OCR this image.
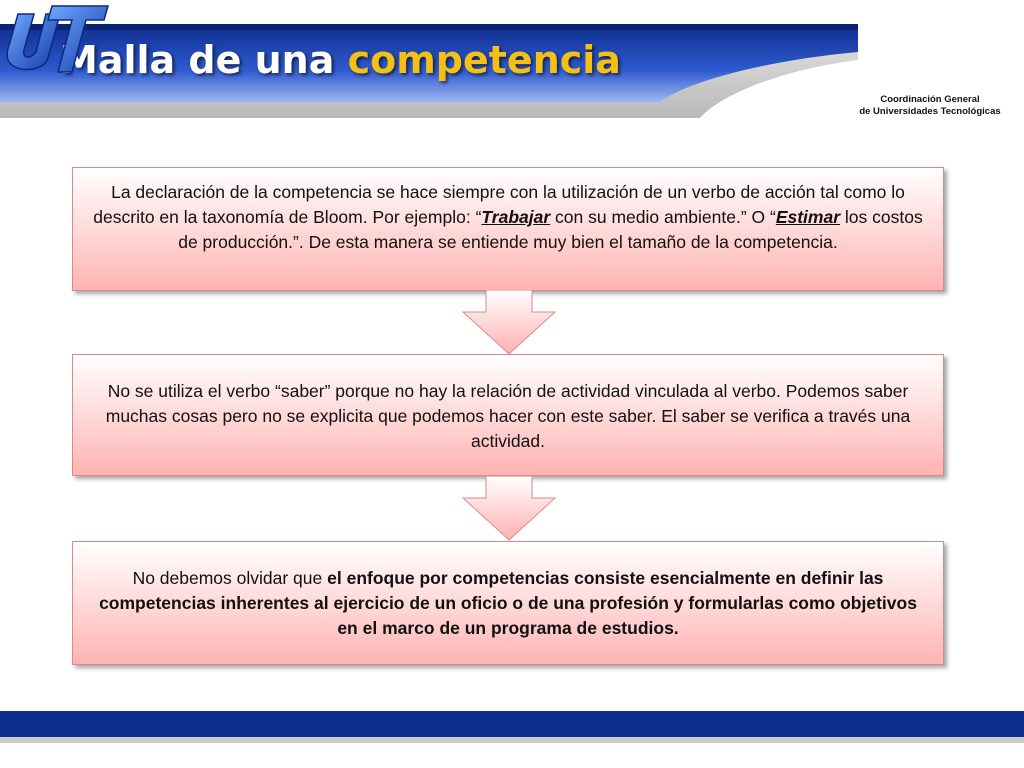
Malla de una competencia
Coordinación General
de Universidades Tecnológicas

La declaración de la competencia se hace siempre con la utilización de un verbo de acción tal como lo descrito en la taxonomía de Bloom. Por ejemplo: “Trabajar con su medio ambiente.” O “Estimar los costos de producción.”. De esta manera se entiende muy bien el tamaño de la competencia.

No se utiliza el verbo “saber” porque no hay la relación de actividad vinculada al verbo. Podemos saber muchas cosas pero no se explicita que podemos hacer con este saber. El saber se verifica a través una actividad.

No debemos olvidar que el enfoque por competencias consiste esencialmente en definir las competencias inherentes al ejercicio de un oficio o de una profesión y formularlas como objetivos en el marco de un programa de estudios.
